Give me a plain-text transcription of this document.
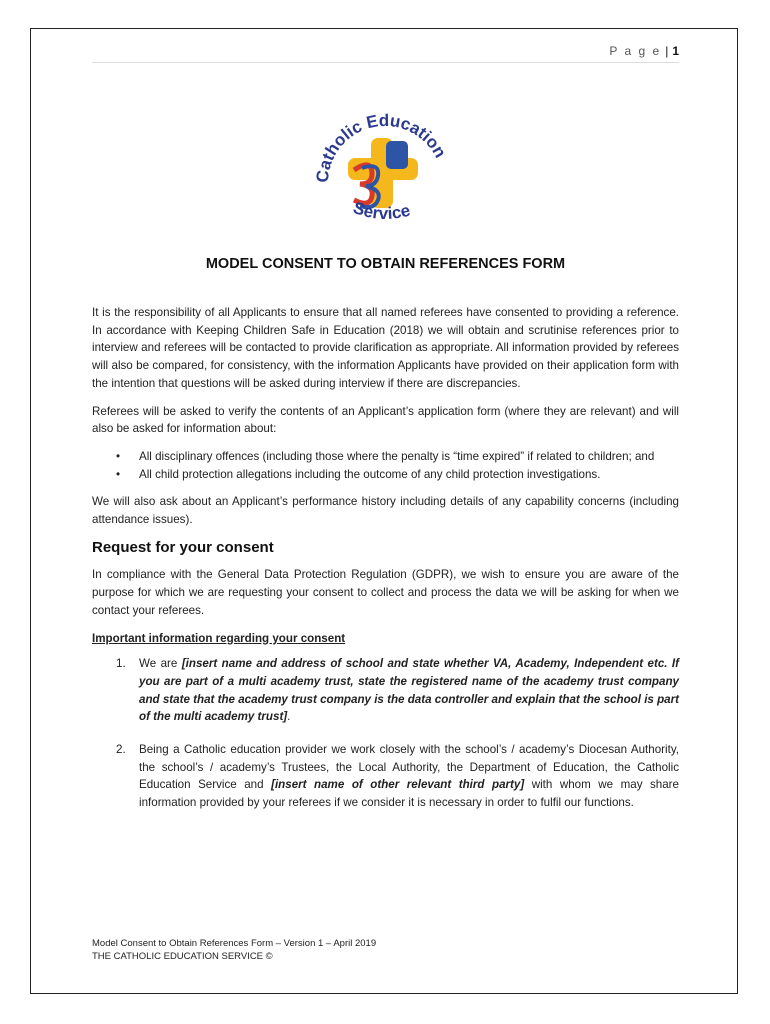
P a g e | 1
Catholic Education
Service
MODEL CONSENT TO OBTAIN REFERENCES FORM

It is the responsibility of all Applicants to ensure that all named referees have consented to providing a reference. In accordance with Keeping Children Safe in Education (2018) we will obtain and scrutinise references prior to interview and referees will be contacted to provide clarification as appropriate. All information provided by referees will also be compared, for consistency, with the information Applicants have provided on their application form with the intention that questions will be asked during interview if there are discrepancies.

Referees will be asked to verify the contents of an Applicant’s application form (where they are relevant) and will also be asked for information about:

• All disciplinary offences (including those where the penalty is “time expired” if related to children; and
• All child protection allegations including the outcome of any child protection investigations.

We will also ask about an Applicant’s performance history including details of any capability concerns (including attendance issues).

Request for your consent

In compliance with the General Data Protection Regulation (GDPR), we wish to ensure you are aware of the purpose for which we are requesting your consent to collect and process the data we will be asking for when we contact your referees.

Important information regarding your consent
1. We are [insert name and address of school and state whether VA, Academy, Independent etc. If you are part of a multi academy trust, state the registered name of the academy trust company and state that the academy trust company is the data controller and explain that the school is part of the multi academy trust].
2. Being a Catholic education provider we work closely with the school’s / academy’s Diocesan Authority, the school’s / academy’s Trustees, the Local Authority, the Department of Education, the Catholic Education Service and [insert name of other relevant third party] with whom we may share information provided by your referees if we consider it is necessary in order to fulfil our functions.
Model Consent to Obtain References Form – Version 1 – April 2019
THE CATHOLIC EDUCATION SERVICE ©
